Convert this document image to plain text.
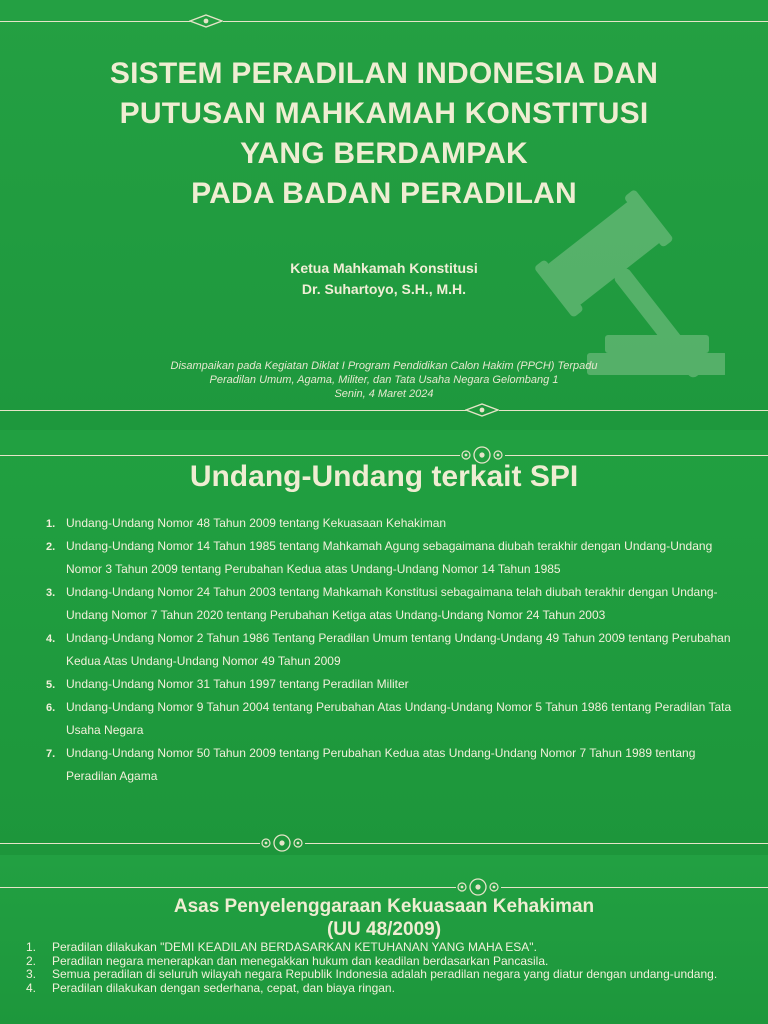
SISTEM PERADILAN INDONESIA DAN
PUTUSAN MAHKAMAH KONSTITUSI
YANG BERDAMPAK
PADA BADAN PERADILAN
Ketua Mahkamah Konstitusi
Dr. Suhartoyo, S.H., M.H.
Disampaikan pada Kegiatan Diklat I Program Pendidikan Calon Hakim (PPCH) Terpadu
Peradilan Umum, Agama, Militer, dan Tata Usaha Negara Gelombang 1
Senin, 4 Maret 2024
Undang-Undang terkait SPI
1. Undang-Undang Nomor 48 Tahun 2009 tentang Kekuasaan Kehakiman
2. Undang-Undang Nomor 14 Tahun 1985 tentang Mahkamah Agung sebagaimana diubah terakhir dengan Undang-Undang Nomor 3 Tahun 2009 tentang Perubahan Kedua atas Undang-Undang Nomor 14 Tahun 1985
3. Undang-Undang Nomor 24 Tahun 2003 tentang Mahkamah Konstitusi sebagaimana telah diubah terakhir dengan Undang-Undang Nomor 7 Tahun 2020 tentang Perubahan Ketiga atas Undang-Undang Nomor 24 Tahun 2003
4. Undang-Undang Nomor 2 Tahun 1986 Tentang Peradilan Umum tentang Undang-Undang 49 Tahun 2009 tentang Perubahan Kedua Atas Undang-Undang Nomor 49 Tahun 2009
5. Undang-Undang Nomor 31 Tahun 1997 tentang Peradilan Militer
6. Undang-Undang Nomor 9 Tahun 2004 tentang Perubahan Atas Undang-Undang Nomor 5 Tahun 1986 tentang Peradilan Tata Usaha Negara
7. Undang-Undang Nomor 50 Tahun 2009 tentang Perubahan Kedua atas Undang-Undang Nomor 7 Tahun 1989 tentang Peradilan Agama
Asas Penyelenggaraan Kekuasaan Kehakiman
(UU 48/2009)
1. Peradilan dilakukan "DEMI KEADILAN BERDASARKAN KETUHANAN YANG MAHA ESA".
2. Peradilan negara menerapkan dan menegakkan hukum dan keadilan berdasarkan Pancasila.
3. Semua peradilan di seluruh wilayah negara Republik Indonesia adalah peradilan negara yang diatur dengan undang-undang.
4. Peradilan dilakukan dengan sederhana, cepat, dan biaya ringan.
